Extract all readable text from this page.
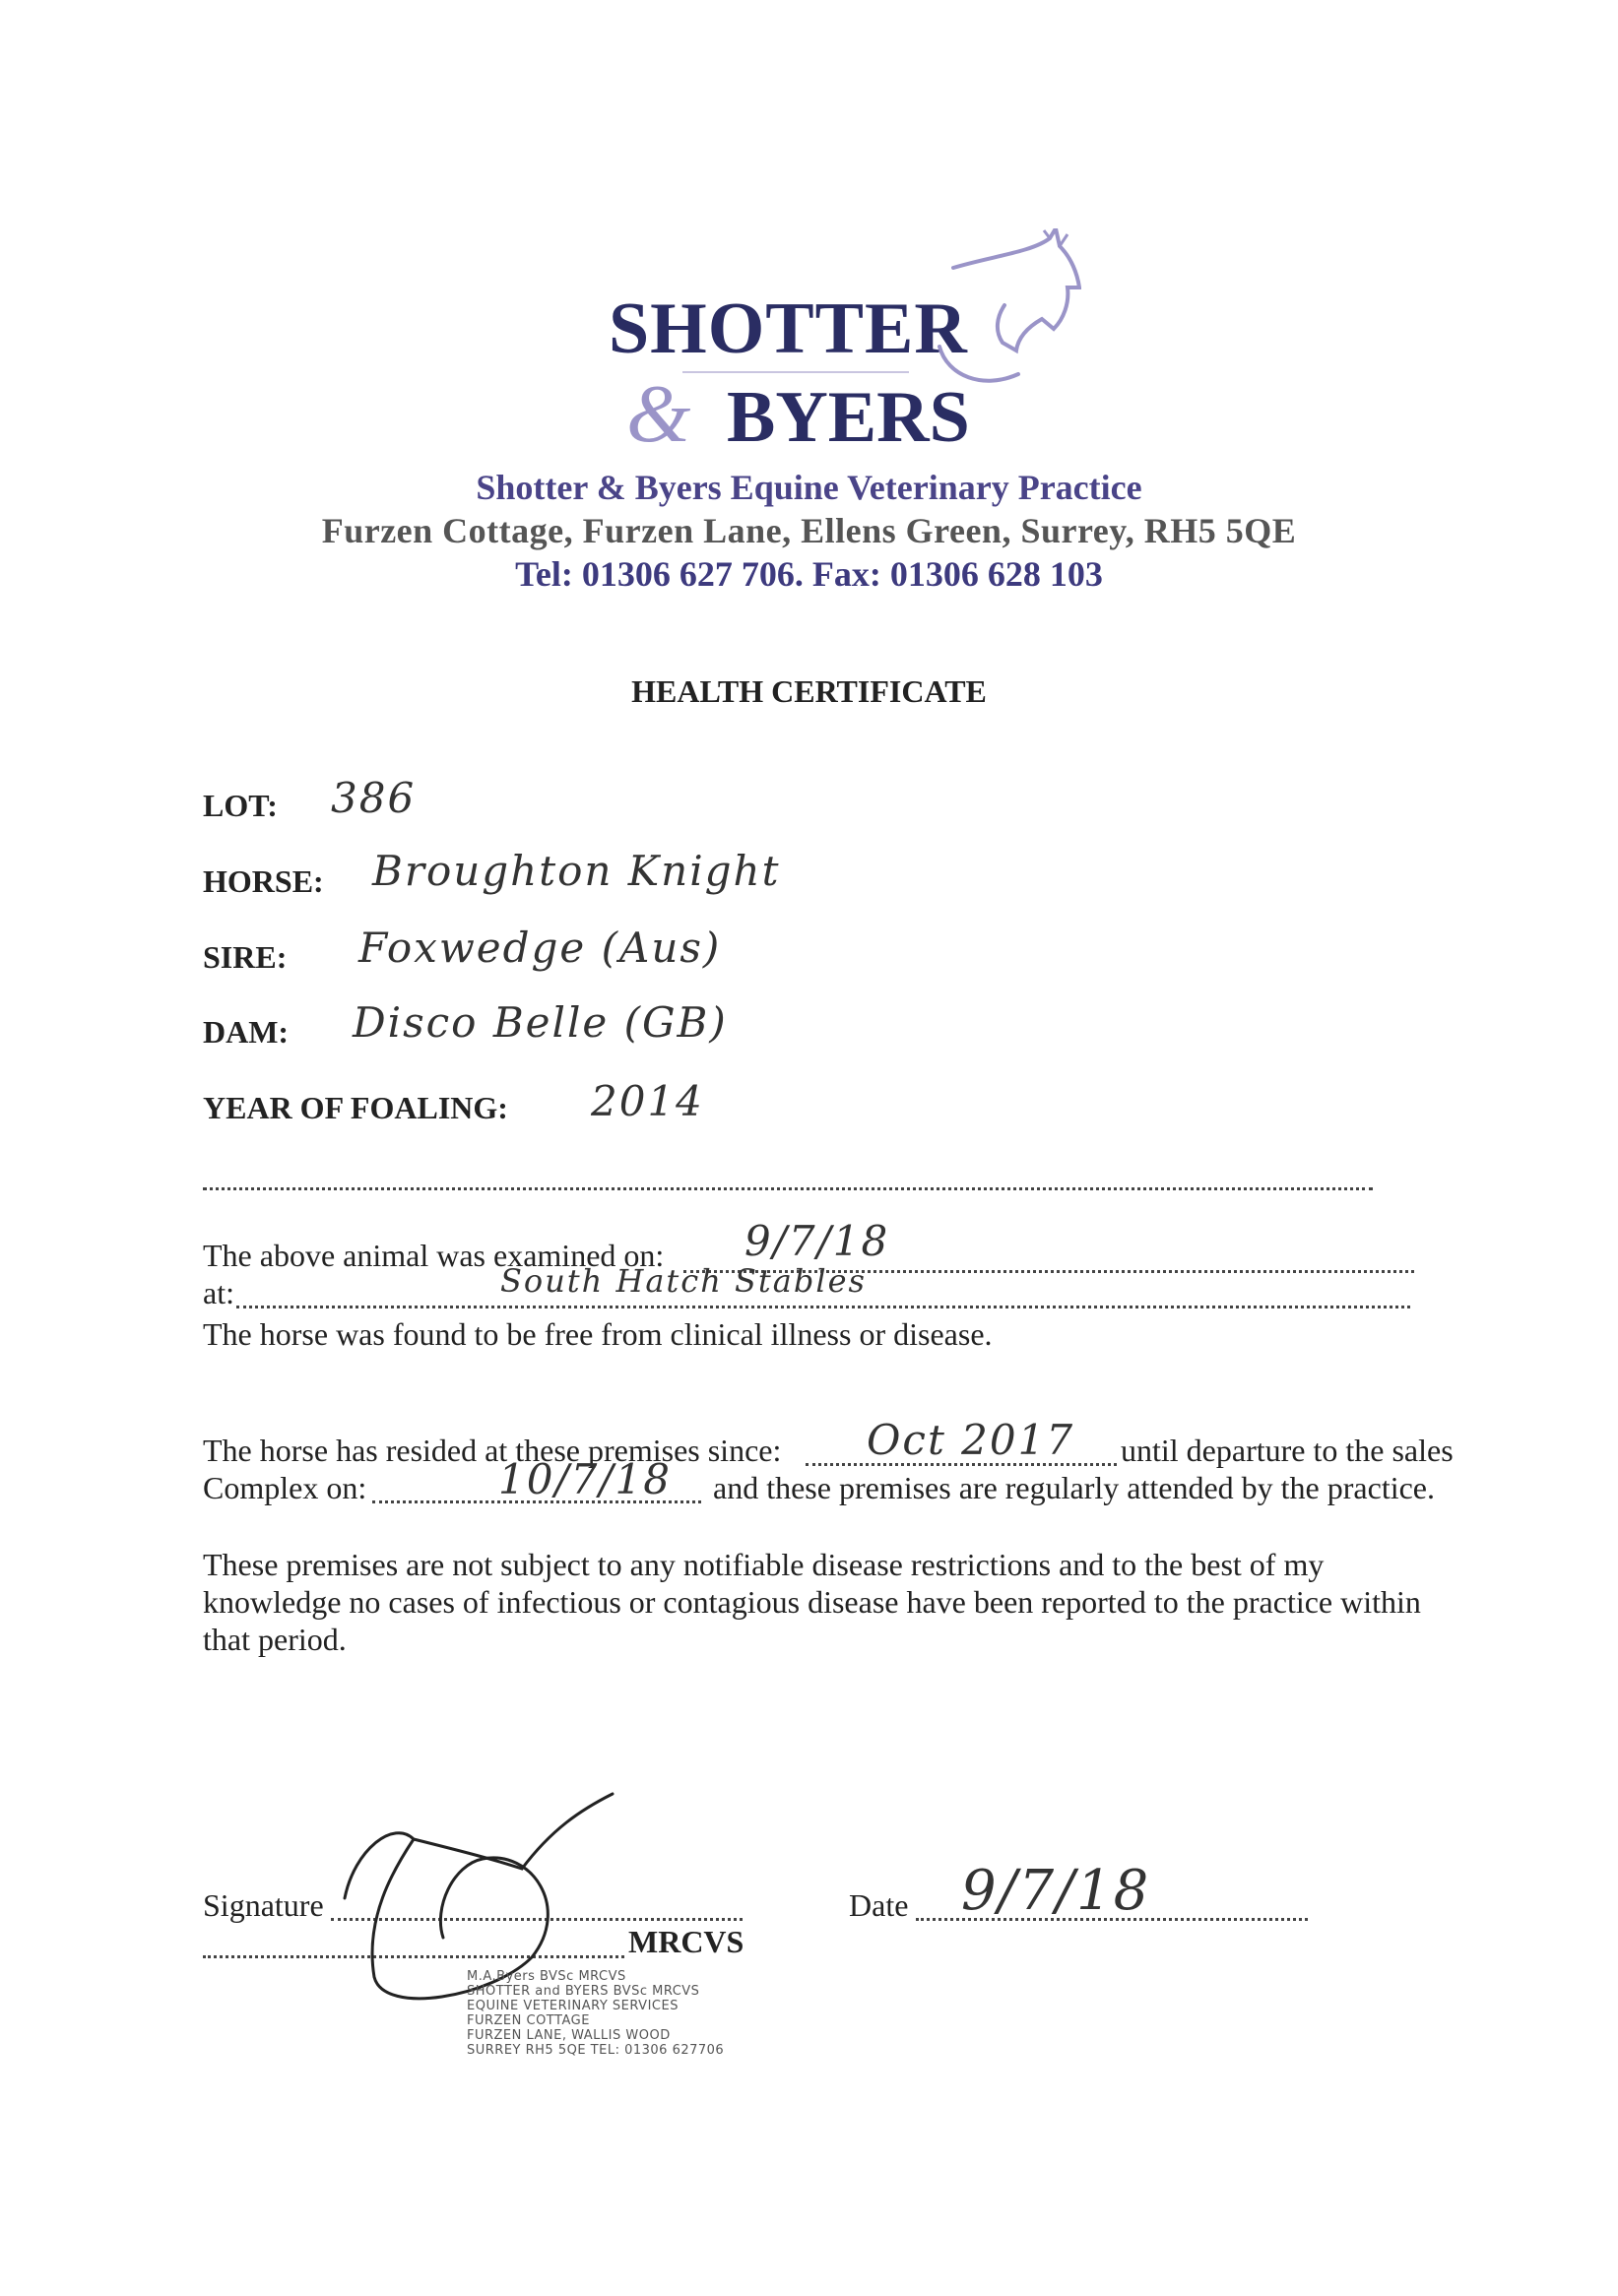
SHOTTER
& BYERS
Shotter & Byers Equine Veterinary Practice
Furzen Cottage, Furzen Lane, Ellens Green, Surrey, RH5 5QE
Tel: 01306 627 706. Fax: 01306 628 103
HEALTH CERTIFICATE
LOT: 386
HORSE: Broughton Knight
SIRE: Foxwedge (Aus)
DAM: Disco Belle (GB)
YEAR OF FOALING: 2014
The above animal was examined on: 9/7/18
at:	South Hatch Stables
The horse was found to be free from clinical illness or disease.
The horse has resided at these premises since: Oct 2017 until departure to the sales
Complex on:	10/7/18 and these premises are regularly attended by the practice.
These premises are not subject to any notifiable disease restrictions and to the best of my
knowledge no cases of infectious or contagious disease have been reported to the practice within
that period.
Signature
MRCVS
Date 9/7/18
M.A.Byers BVSc MRCVS
SHOTTER and BYERS BVSc MRCVS
EQUINE VETERINARY SERVICES
FURZEN COTTAGE
FURZEN LANE, WALLIS WOOD
SURREY RH5 5QE TEL: 01306 627706
